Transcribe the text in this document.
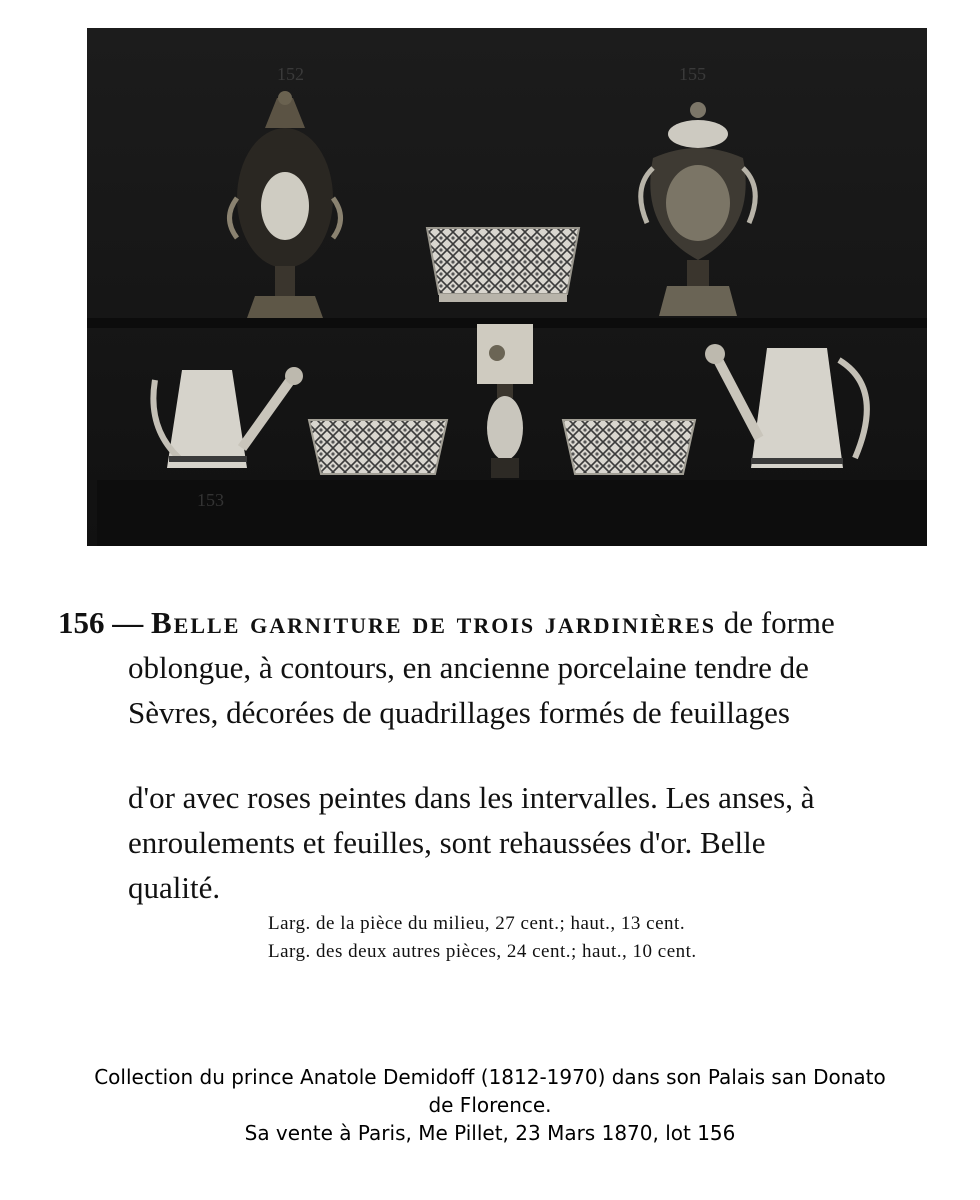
152	155
153

156 — Belle garniture de trois jardinières de forme

oblongue, à contours, en ancienne porcelaine tendre de

Sèvres, décorées de quadrillages formés de feuillages

d'or avec roses peintes dans les intervalles. Les anses, à

enroulements et feuilles, sont rehaussées d'or. Belle

qualité.

Larg. de la pièce du milieu, 27 cent.; haut., 13 cent.
Larg. des deux autres pièces, 24 cent.; haut., 10 cent.
Collection du prince Anatole Demidoff (1812-1970) dans son Palais san Donato
de Florence.
Sa vente à Paris, Me Pillet, 23 Mars 1870, lot 156
